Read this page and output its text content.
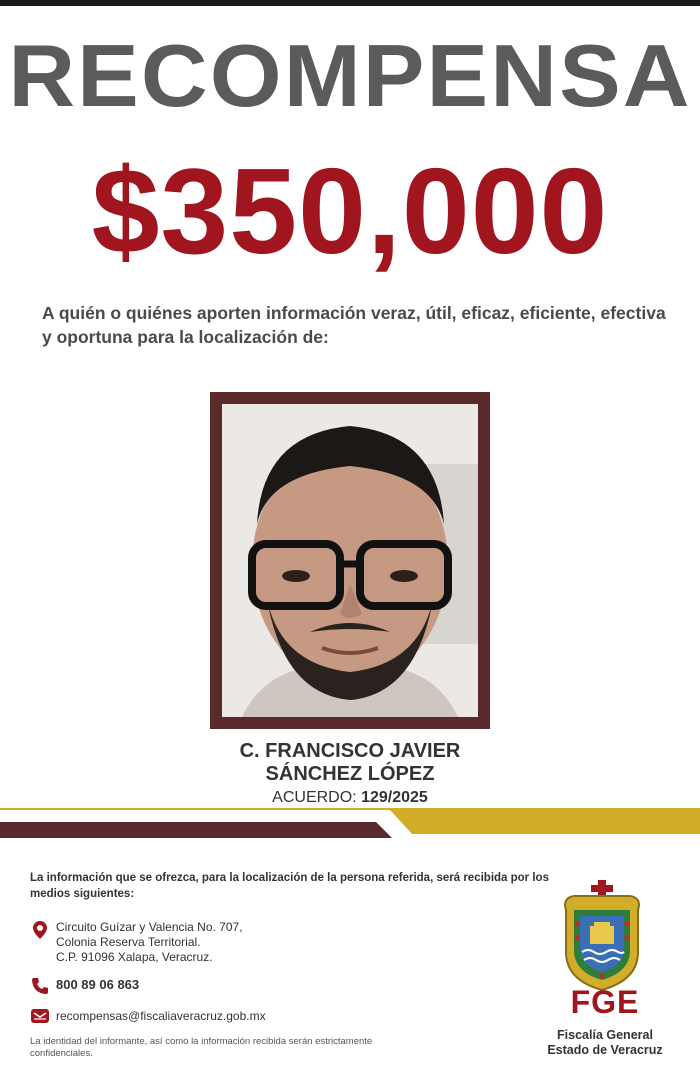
RECOMPENSA
$350,000
A quién o quiénes aporten información veraz, útil, eficaz, eficiente, efectiva y oportuna para la localización de:
C. FRANCISCO JAVIER
SÁNCHEZ LÓPEZ
ACUERDO: 129/2025
La información que se ofrezca, para la localización de la persona referida, será recibida por los medios siguientes:
Circuito Guízar y Valencia No. 707,
Colonia Reserva Territorial.
C.P. 91096 Xalapa, Veracruz.
800 89 06 863
recompensas@fiscaliaveracruz.gob.mx
La identidad del informante, así como la información recibida serán estrictamente confidenciales.
FGE
Fiscalía General
Estado de Veracruz
